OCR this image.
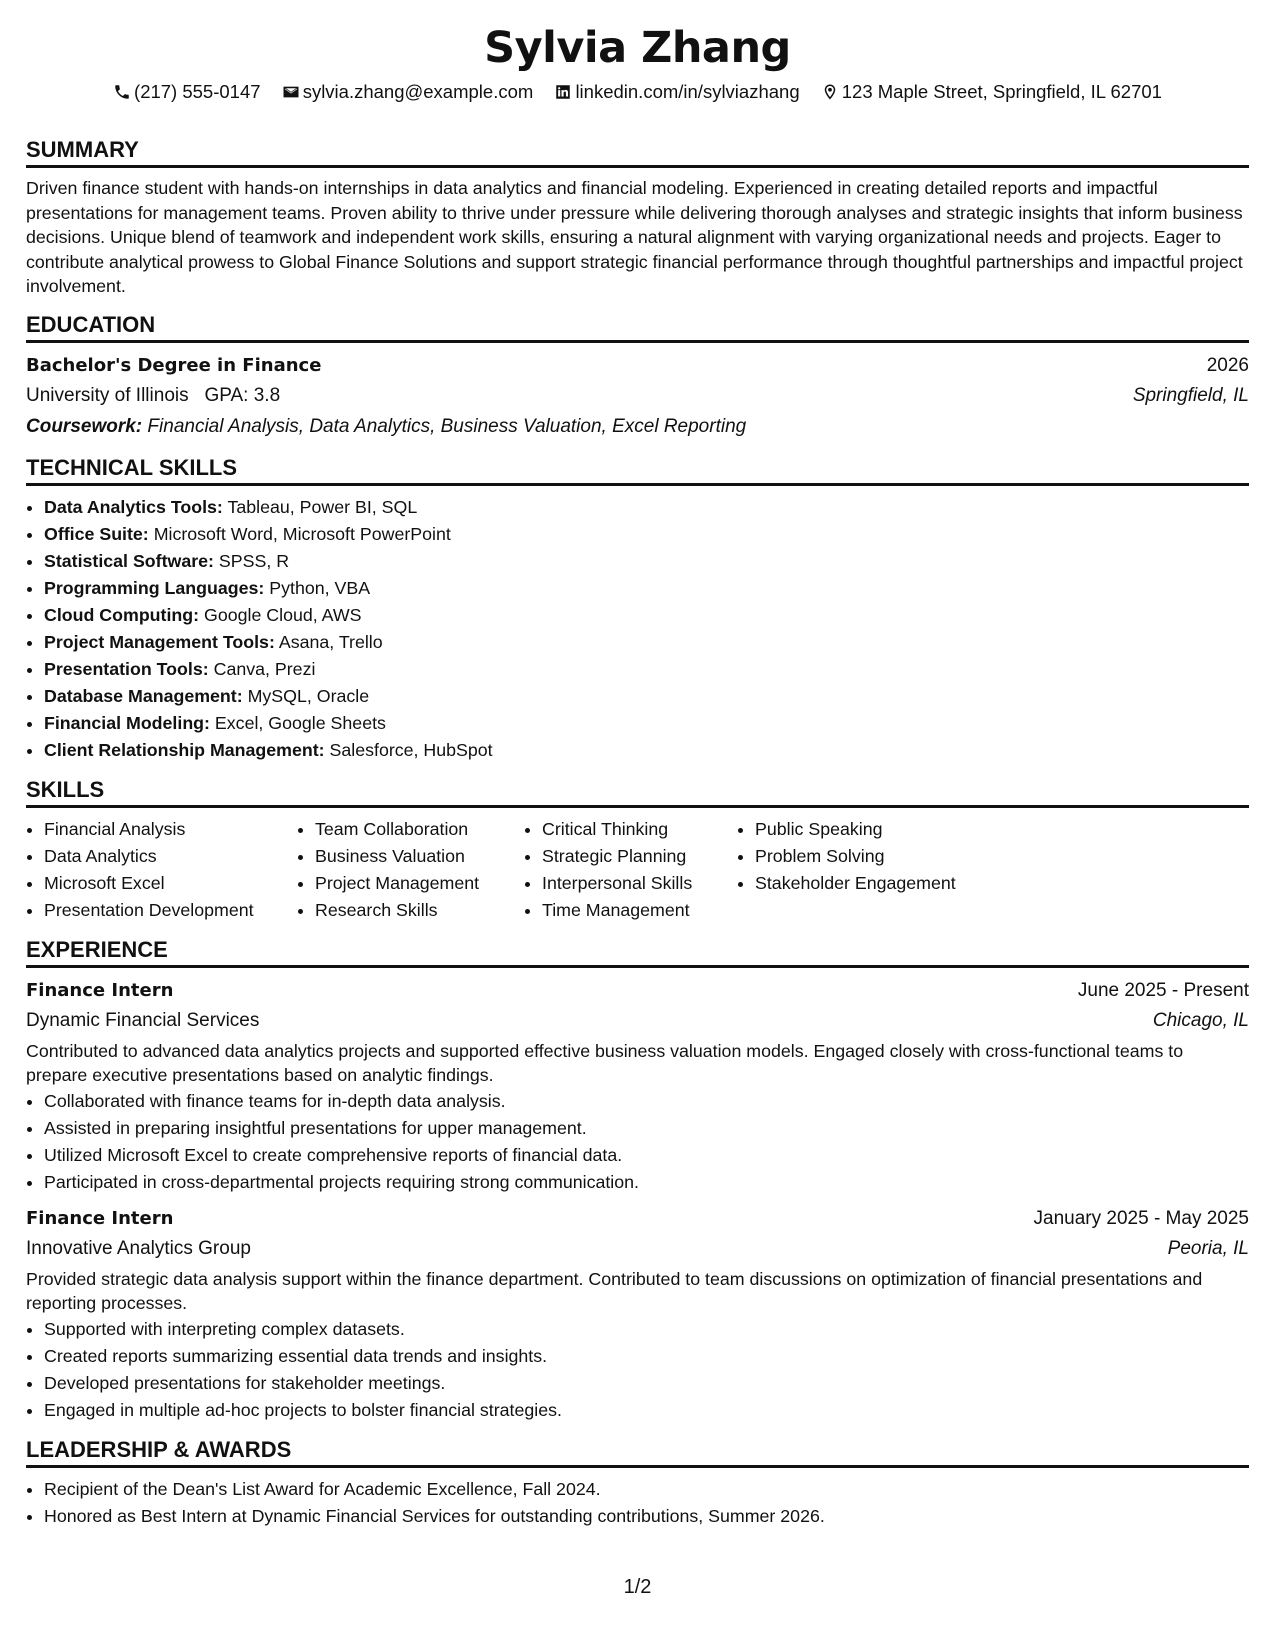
Sylvia Zhang
(217) 555-0147 sylvia.zhang@example.com linkedin.com/in/sylviazhang 123 Maple Street, Springfield, IL 62701
SUMMARY

Driven finance student with hands-on internships in data analytics and financial modeling. Experienced in creating detailed reports and impactful presentations for management teams. Proven ability to thrive under pressure while delivering thorough analyses and strategic insights that inform business decisions. Unique blend of teamwork and independent work skills, ensuring a natural alignment with varying organizational needs and projects. Eager to contribute analytical prowess to Global Finance Solutions and support strategic financial performance through thoughtful partnerships and impactful project involvement.

EDUCATION
Bachelor's Degree in Finance	2026
University of Illinois GPA: 3.8	Springfield, IL
Coursework: Financial Analysis, Data Analytics, Business Valuation, Excel Reporting
TECHNICAL SKILLS
• Data Analytics Tools: Tableau, Power BI, SQL
• Office Suite: Microsoft Word, Microsoft PowerPoint
• Statistical Software: SPSS, R
• Programming Languages: Python, VBA
• Cloud Computing: Google Cloud, AWS
• Project Management Tools: Asana, Trello
• Presentation Tools: Canva, Prezi
• Database Management: MySQL, Oracle
• Financial Modeling: Excel, Google Sheets
• Client Relationship Management: Salesforce, HubSpot
SKILLS
• Financial Analysis
• Data Analytics
• Microsoft Excel
• Presentation Development
• Team Collaboration
• Business Valuation
• Project Management
• Research Skills
• Critical Thinking
• Strategic Planning
• Interpersonal Skills
• Time Management
• Public Speaking
• Problem Solving
• Stakeholder Engagement
EXPERIENCE
Finance Intern	June 2025 - Present
Dynamic Financial Services	Chicago, IL

Contributed to advanced data analytics projects and supported effective business valuation models. Engaged closely with cross-functional teams to prepare executive presentations based on analytic findings.

• Collaborated with finance teams for in-depth data analysis.
• Assisted in preparing insightful presentations for upper management.
• Utilized Microsoft Excel to create comprehensive reports of financial data.
• Participated in cross-departmental projects requiring strong communication.
Finance Intern	January 2025 - May 2025
Innovative Analytics Group	Peoria, IL

Provided strategic data analysis support within the finance department. Contributed to team discussions on optimization of financial presentations and reporting processes.

• Supported with interpreting complex datasets.
• Created reports summarizing essential data trends and insights.
• Developed presentations for stakeholder meetings.
• Engaged in multiple ad-hoc projects to bolster financial strategies.
LEADERSHIP & AWARDS
• Recipient of the Dean's List Award for Academic Excellence, Fall 2024.
• Honored as Best Intern at Dynamic Financial Services for outstanding contributions, Summer 2026.
1/2
